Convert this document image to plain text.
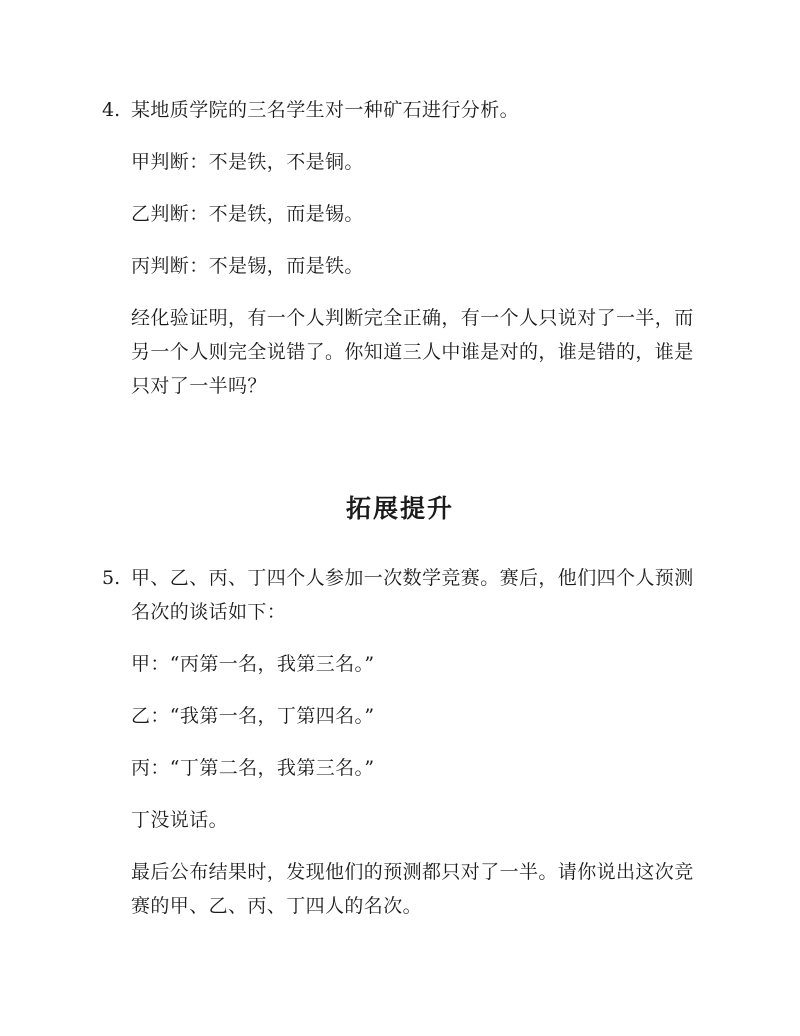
4. 某地质学院的三名学生对一种矿石进行分析。
甲判断：不是铁，不是铜。
乙判断：不是铁，而是锡。
丙判断：不是锡，而是铁。
经化验证明，有一个人判断完全正确，有一个人只说对了一半，而
另一个人则完全说错了。你知道三人中谁是对的，谁是错的，谁是
只对了一半吗？
拓展提升
5. 甲、乙、丙、丁四个人参加一次数学竞赛。赛后，他们四个人预测
名次的谈话如下：
甲：“丙第一名，我第三名。”
乙：“我第一名，丁第四名。”
丙：“丁第二名，我第三名。”
丁没说话。
最后公布结果时，发现他们的预测都只对了一半。请你说出这次竞
赛的甲、乙、丙、丁四人的名次。
